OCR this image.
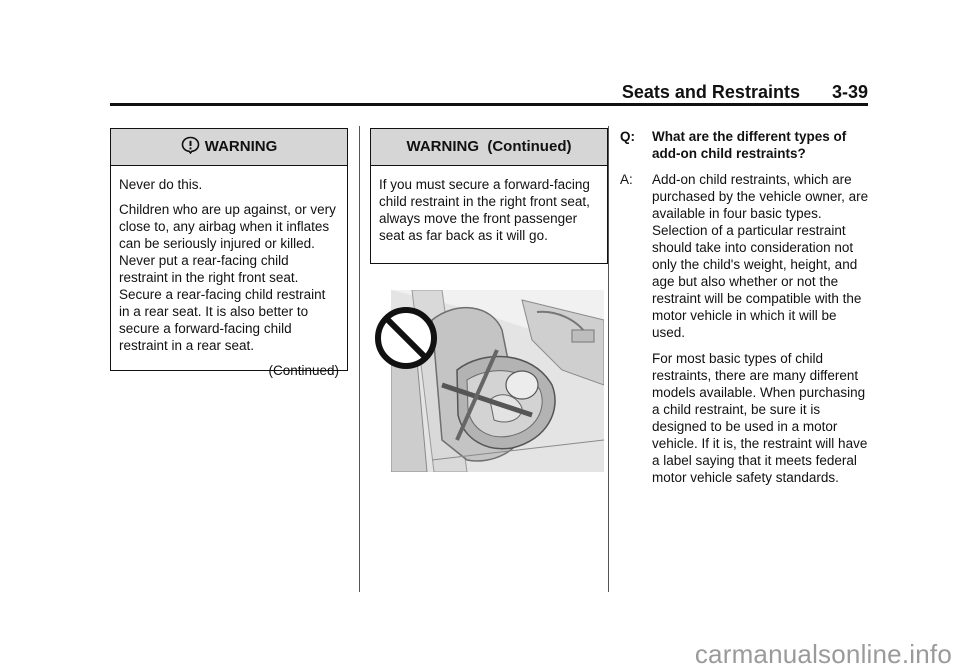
Seats and Restraints 3-39
WARNING

Never do this.

Children who are up against, or very close to, any airbag when it inflates can be seriously injured or killed. Never put a rear-facing child restraint in the right front seat. Secure a rear-facing child restraint in a rear seat. It is also better to secure a forward-facing child restraint in a rear seat.

(Continued)
WARNING  (Continued)

If you must secure a forward-facing child restraint in the right front seat, always move the front passenger seat as far back as it will go.

Q:	What are the different types of add-on child restraints?
A:	Add-on child restraints, which are purchased by the vehicle owner, are available in four basic types. Selection of a particular restraint should take into consideration not only the child's weight, height, and age but also whether or not the restraint will be compatible with the motor vehicle in which it will be used.

For most basic types of child restraints, there are many different models available. When purchasing a child restraint, be sure it is designed to be used in a motor vehicle. If it is, the restraint will have a label saying that it meets federal motor vehicle safety standards.

carmanualsonline.info
